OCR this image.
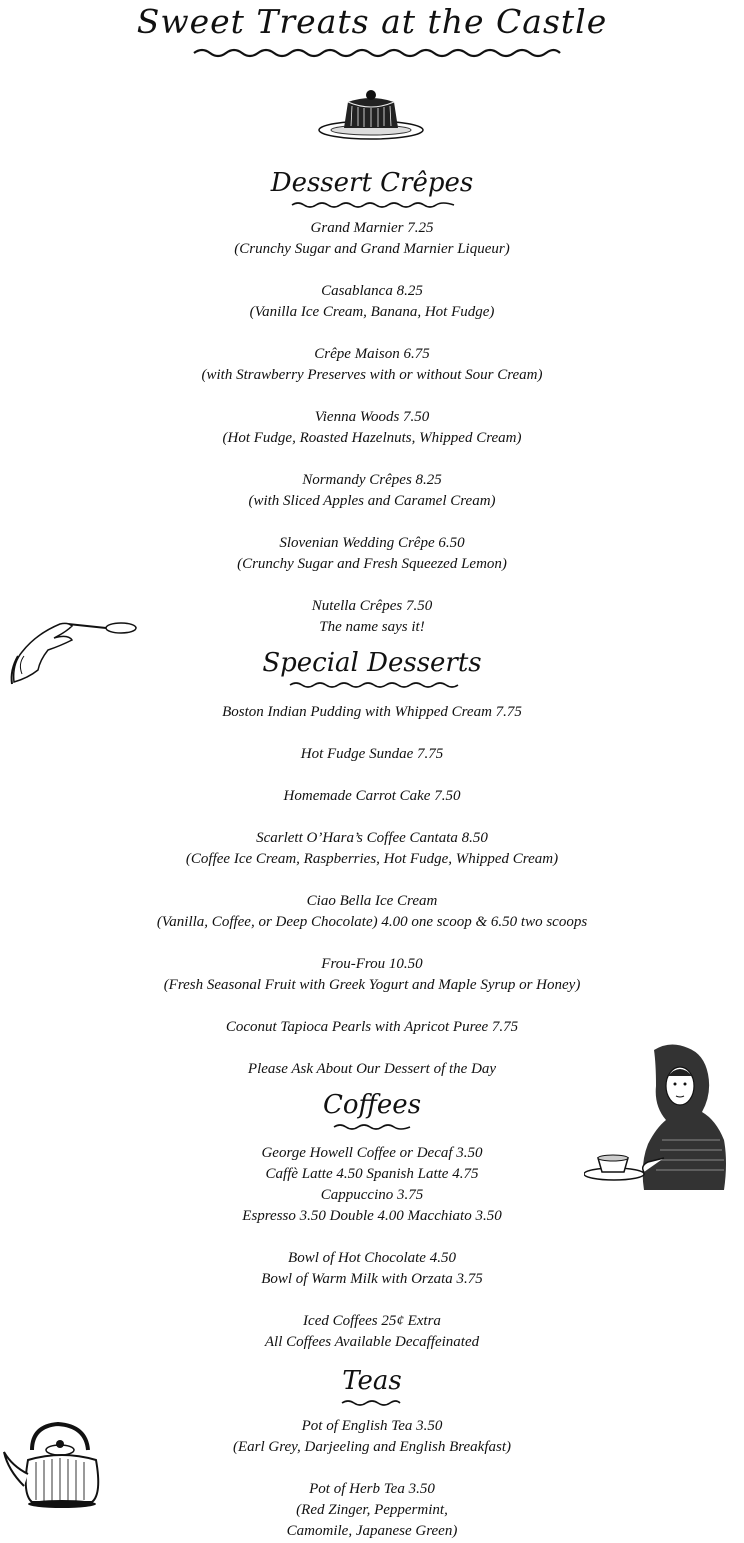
Sweet Treats at the Castle
Dessert Crêpes
Grand Marnier 7.25
(Crunchy Sugar and Grand Marnier Liqueur)
Casablanca 8.25
(Vanilla Ice Cream, Banana, Hot Fudge)
Crêpe Maison 6.75
(with Strawberry Preserves with or without Sour Cream)
Vienna Woods 7.50
(Hot Fudge, Roasted Hazelnuts, Whipped Cream)
Normandy Crêpes 8.25
(with Sliced Apples and Caramel Cream)
Slovenian Wedding Crêpe 6.50
(Crunchy Sugar and Fresh Squeezed Lemon)
Nutella Crêpes 7.50
The name says it!
Special Desserts
Boston Indian Pudding with Whipped Cream 7.75
Hot Fudge Sundae 7.75
Homemade Carrot Cake 7.50
Scarlett O’Hara’s Coffee Cantata 8.50
(Coffee Ice Cream, Raspberries, Hot Fudge, Whipped Cream)
Ciao Bella Ice Cream
(Vanilla, Coffee, or Deep Chocolate) 4.00 one scoop & 6.50 two scoops
Frou-Frou 10.50
(Fresh Seasonal Fruit with Greek Yogurt and Maple Syrup or Honey)
Coconut Tapioca Pearls with Apricot Puree 7.75
Please Ask About Our Dessert of the Day
Coffees
George Howell Coffee or Decaf 3.50
Caffè Latte 4.50 Spanish Latte 4.75
Cappuccino 3.75
Espresso 3.50 Double 4.00 Macchiato 3.50
Bowl of Hot Chocolate 4.50
Bowl of Warm Milk with Orzata 3.75
Iced Coffees 25¢ Extra
All Coffees Available Decaffeinated
Teas
Pot of English Tea 3.50
(Earl Grey, Darjeeling and English Breakfast)
Pot of Herb Tea 3.50
(Red Zinger, Peppermint,
Camomile, Japanese Green)
